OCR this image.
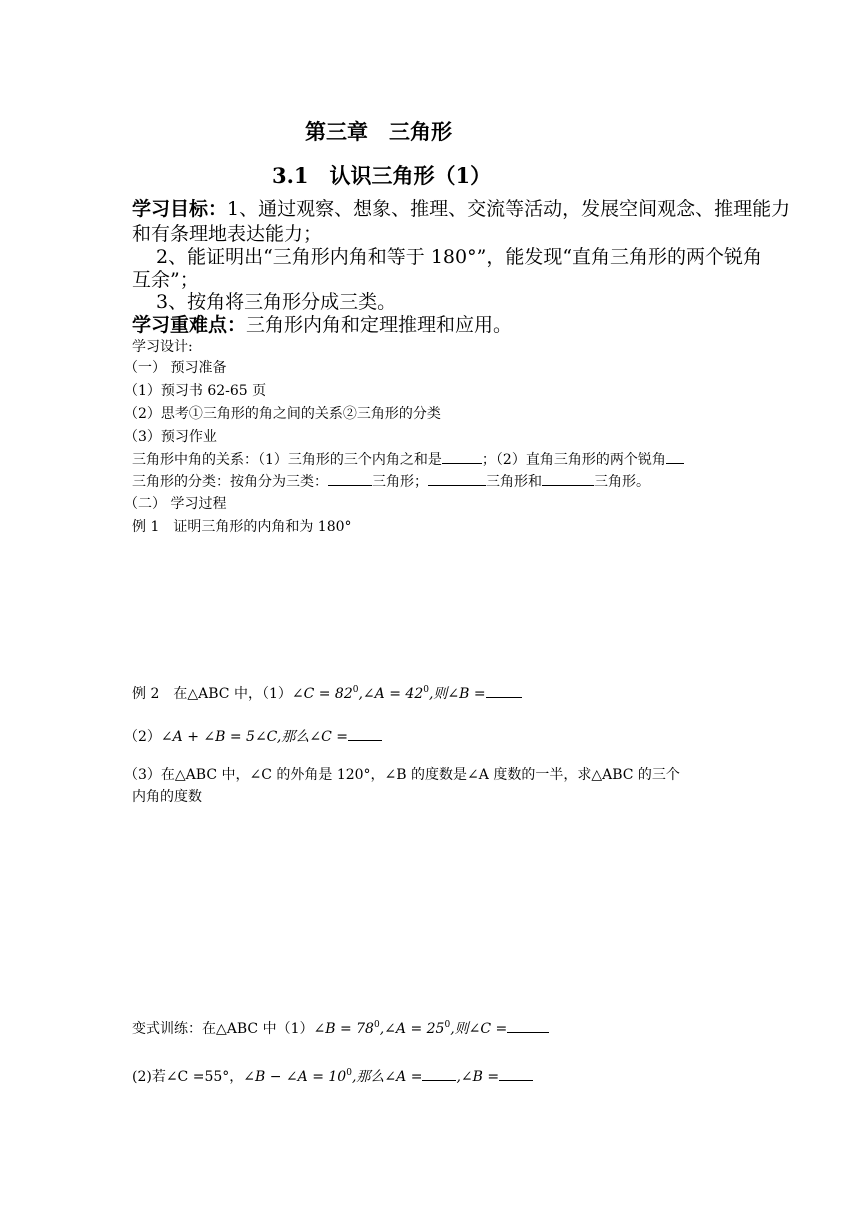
第三章　三角形
3.1　认识三角形（1）
学习目标：1、通过观察、想象、推理、交流等活动，发展空间观念、推理能力
和有条理地表达能力；
2、能证明出“三角形内角和等于 180°”，能发现“直角三角形的两个锐角
互余”；
3、按角将三角形分成三类。
学习重难点：三角形内角和定理推理和应用。
学习设计:
（一） 预习准备
（1）预习书 62-65 页
（2）思考①三角形的角之间的关系②三角形的分类
（3）预习作业
三角形中角的关系：（1）三角形的三个内角之和是	；（2）直角三角形的两个锐角
三角形的分类：按角分为三类：	三角形；	三角形和	三角形。
（二） 学习过程
例 1　证明三角形的内角和为 180°
例 2　在△ABC 中，（1）∠C = $82^0,\angle A = 42^0$,则∠B =
（2）∠A + ∠B = 5∠C,那么∠C =
（3）在△ABC 中，∠C 的外角是 120°，∠B 的度数是∠A 度数的一半，求△ABC 的三个
内角的度数
变式训练：在△ABC 中（1）∠B = $78^0,\angle A = 25^0$,则∠C =
(2)若∠C =55°，∠B − ∠A = $10^0$,那么∠A = ,∠B =
